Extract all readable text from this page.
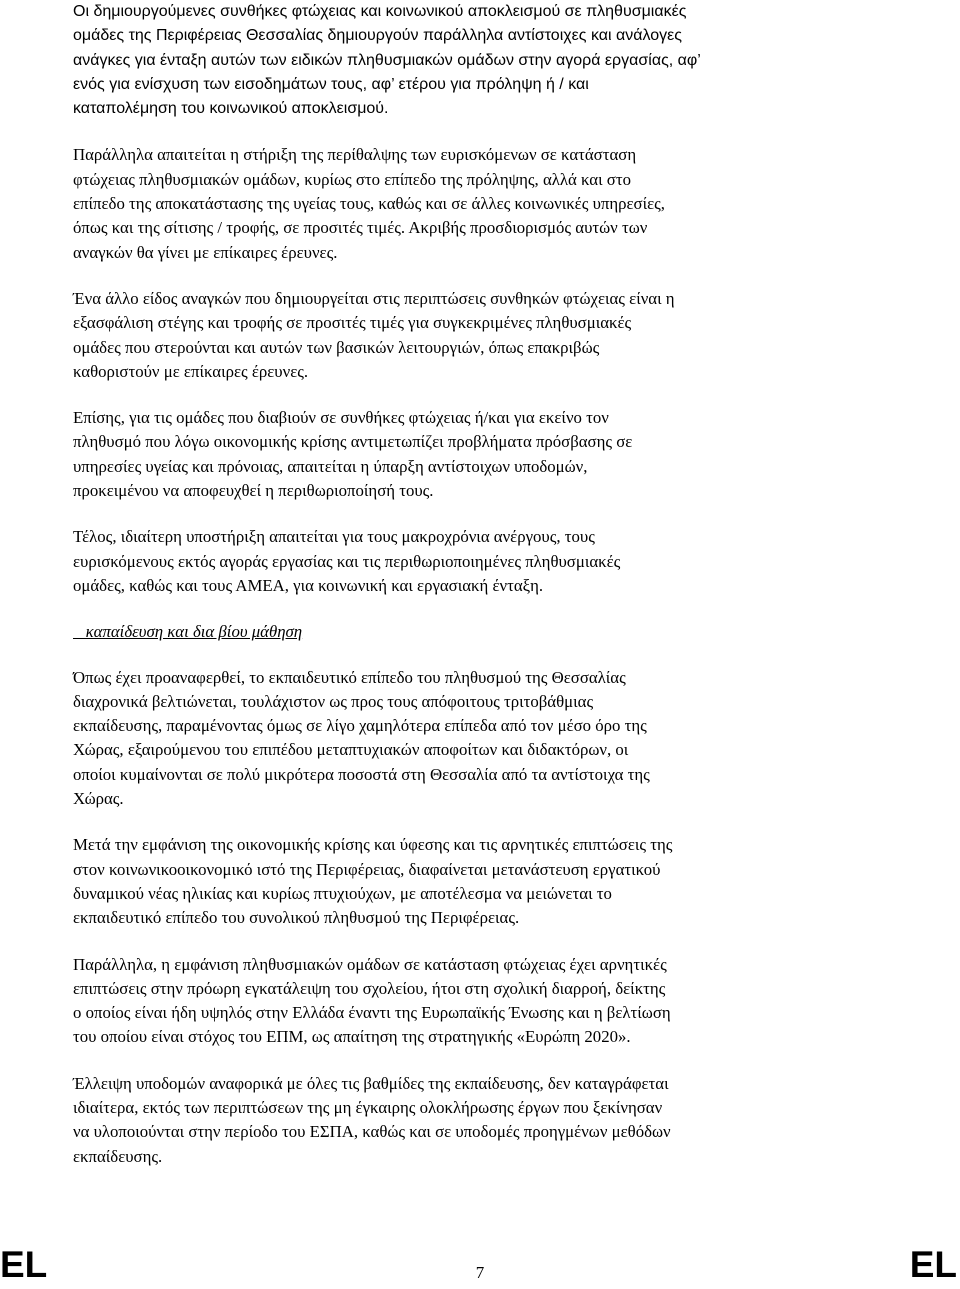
Οι δημιουργούμενες συνθήκες φτώχειας και κοινωνικού αποκλεισμού σε πληθυσμιακές
ομάδες της Περιφέρειας Θεσσαλίας δημιουργούν παράλληλα αντίστοιχες και ανάλογες
ανάγκες για ένταξη αυτών των ειδικών πληθυσμιακών ομάδων στην αγορά εργασίας, αφ’
ενός για ενίσχυση των εισοδημάτων τους, αφ’ ετέρου για πρόληψη ή / και
καταπολέμηση του κοινωνικού αποκλεισμού.

Παράλληλα απαιτείται η στήριξη της περίθαλψης των ευρισκόμενων σε κατάσταση
φτώχειας πληθυσμιακών ομάδων, κυρίως στο επίπεδο της πρόληψης, αλλά και στο
επίπεδο της αποκατάστασης της υγείας τους, καθώς και σε άλλες κοινωνικές υπηρεσίες,
όπως και της σίτισης / τροφής, σε προσιτές τιμές. Ακριβής προσδιορισμός αυτών των
αναγκών θα γίνει με επίκαιρες έρευνες.

Ένα άλλο είδος αναγκών που δημιουργείται στις περιπτώσεις συνθηκών φτώχειας είναι η
εξασφάλιση στέγης και τροφής σε προσιτές τιμές για συγκεκριμένες πληθυσμιακές
ομάδες που στερούνται και αυτών των βασικών λειτουργιών, όπως επακριβώς
καθοριστούν με επίκαιρες έρευνες.

Επίσης, για τις ομάδες που διαβιούν σε συνθήκες φτώχειας ή/και για εκείνο τον
πληθυσμό που λόγω οικονομικής κρίσης αντιμετωπίζει προβλήματα πρόσβασης σε
υπηρεσίες υγείας και πρόνοιας, απαιτείται η ύπαρξη αντίστοιχων υποδομών,
προκειμένου να αποφευχθεί η περιθωριοποίησή τους.

Τέλος, ιδιαίτερη υποστήριξη απαιτείται για τους μακροχρόνια ανέργους, τους
ευρισκόμενους εκτός αγοράς εργασίας και τις περιθωριοποιημένες πληθυσμιακές
ομάδες, καθώς και τους ΑΜΕΑ, για κοινωνική και εργασιακή ένταξη.

καπαίδευση και δια βίου μάθηση

Όπως έχει προαναφερθεί, το εκπαιδευτικό επίπεδο του πληθυσμού της Θεσσαλίας
διαχρονικά βελτιώνεται, τουλάχιστον ως προς τους απόφοιτους τριτοβάθμιας
εκπαίδευσης, παραμένοντας όμως σε λίγο χαμηλότερα επίπεδα από τον μέσο όρο της
Χώρας, εξαιρούμενου του επιπέδου μεταπτυχιακών αποφοίτων και διδακτόρων, οι
οποίοι κυμαίνονται σε πολύ μικρότερα ποσοστά στη Θεσσαλία από τα αντίστοιχα της
Χώρας.

Μετά την εμφάνιση της οικονομικής κρίσης και ύφεσης και τις αρνητικές επιπτώσεις της
στον κοινωνικοοικονομικό ιστό της Περιφέρειας, διαφαίνεται μετανάστευση εργατικού
δυναμικού νέας ηλικίας και κυρίως πτυχιούχων, με αποτέλεσμα να μειώνεται το
εκπαιδευτικό επίπεδο του συνολικού πληθυσμού της Περιφέρειας.

Παράλληλα, η εμφάνιση πληθυσμιακών ομάδων σε κατάσταση φτώχειας έχει αρνητικές
επιπτώσεις στην πρόωρη εγκατάλειψη του σχολείου, ήτοι στη σχολική διαρροή, δείκτης
ο οποίος είναι ήδη υψηλός στην Ελλάδα έναντι της Ευρωπαϊκής Ένωσης και η βελτίωση
του οποίου είναι στόχος του ΕΠΜ, ως απαίτηση της στρατηγικής «Ευρώπη 2020».

Έλλειψη υποδομών αναφορικά με όλες τις βαθμίδες της εκπαίδευσης, δεν καταγράφεται
ιδιαίτερα, εκτός των περιπτώσεων της μη έγκαιρης ολοκλήρωσης έργων που ξεκίνησαν
να υλοποιούνται στην περίοδο του ΕΣΠΑ, καθώς και σε υποδομές προηγμένων μεθόδων
εκπαίδευσης.

EL	7	EL
